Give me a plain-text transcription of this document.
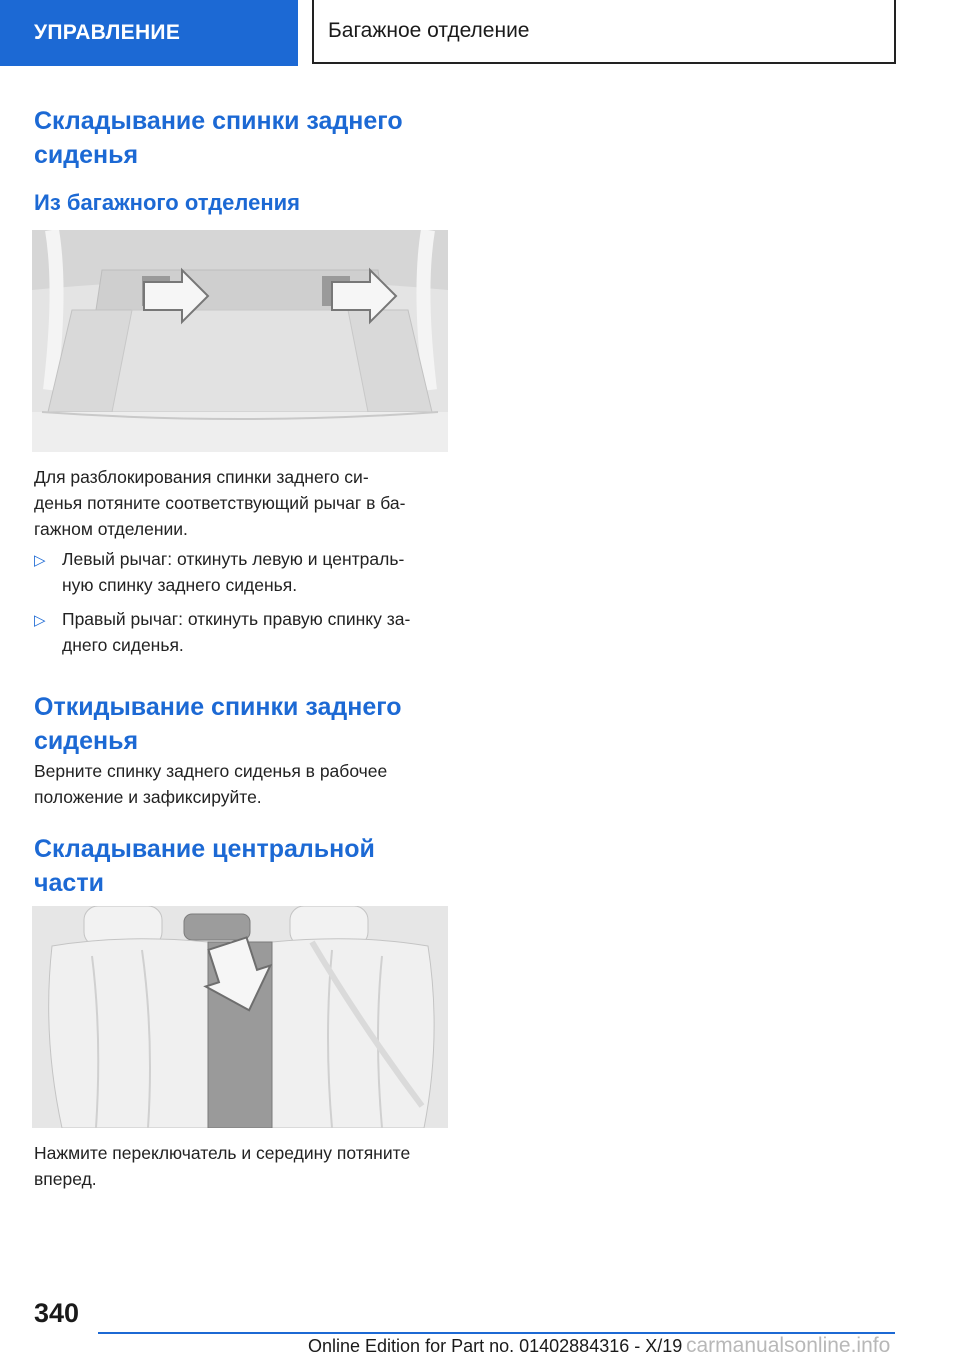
УПРАВЛЕНИЕ	Багажное отделение
Складывание спинки заднего
сиденья
Из багажного отделения

Для разблокирования спинки заднего си-
денья потяните соответствующий рычаг в ба-
гажном отделении.

▷ Левый рычаг: откинуть левую и централь-
ную спинку заднего сиденья.
▷ Правый рычаг: откинуть правую спинку за-
днего сиденья.
Откидывание спинки заднего
сиденья

Верните спинку заднего сиденья в рабочее
положение и зафиксируйте.

Складывание центральной
части

Нажмите переключатель и середину потяните
вперед.

340
Online Edition for Part no. 01402884316 - X/19 carmanualsonline.info
